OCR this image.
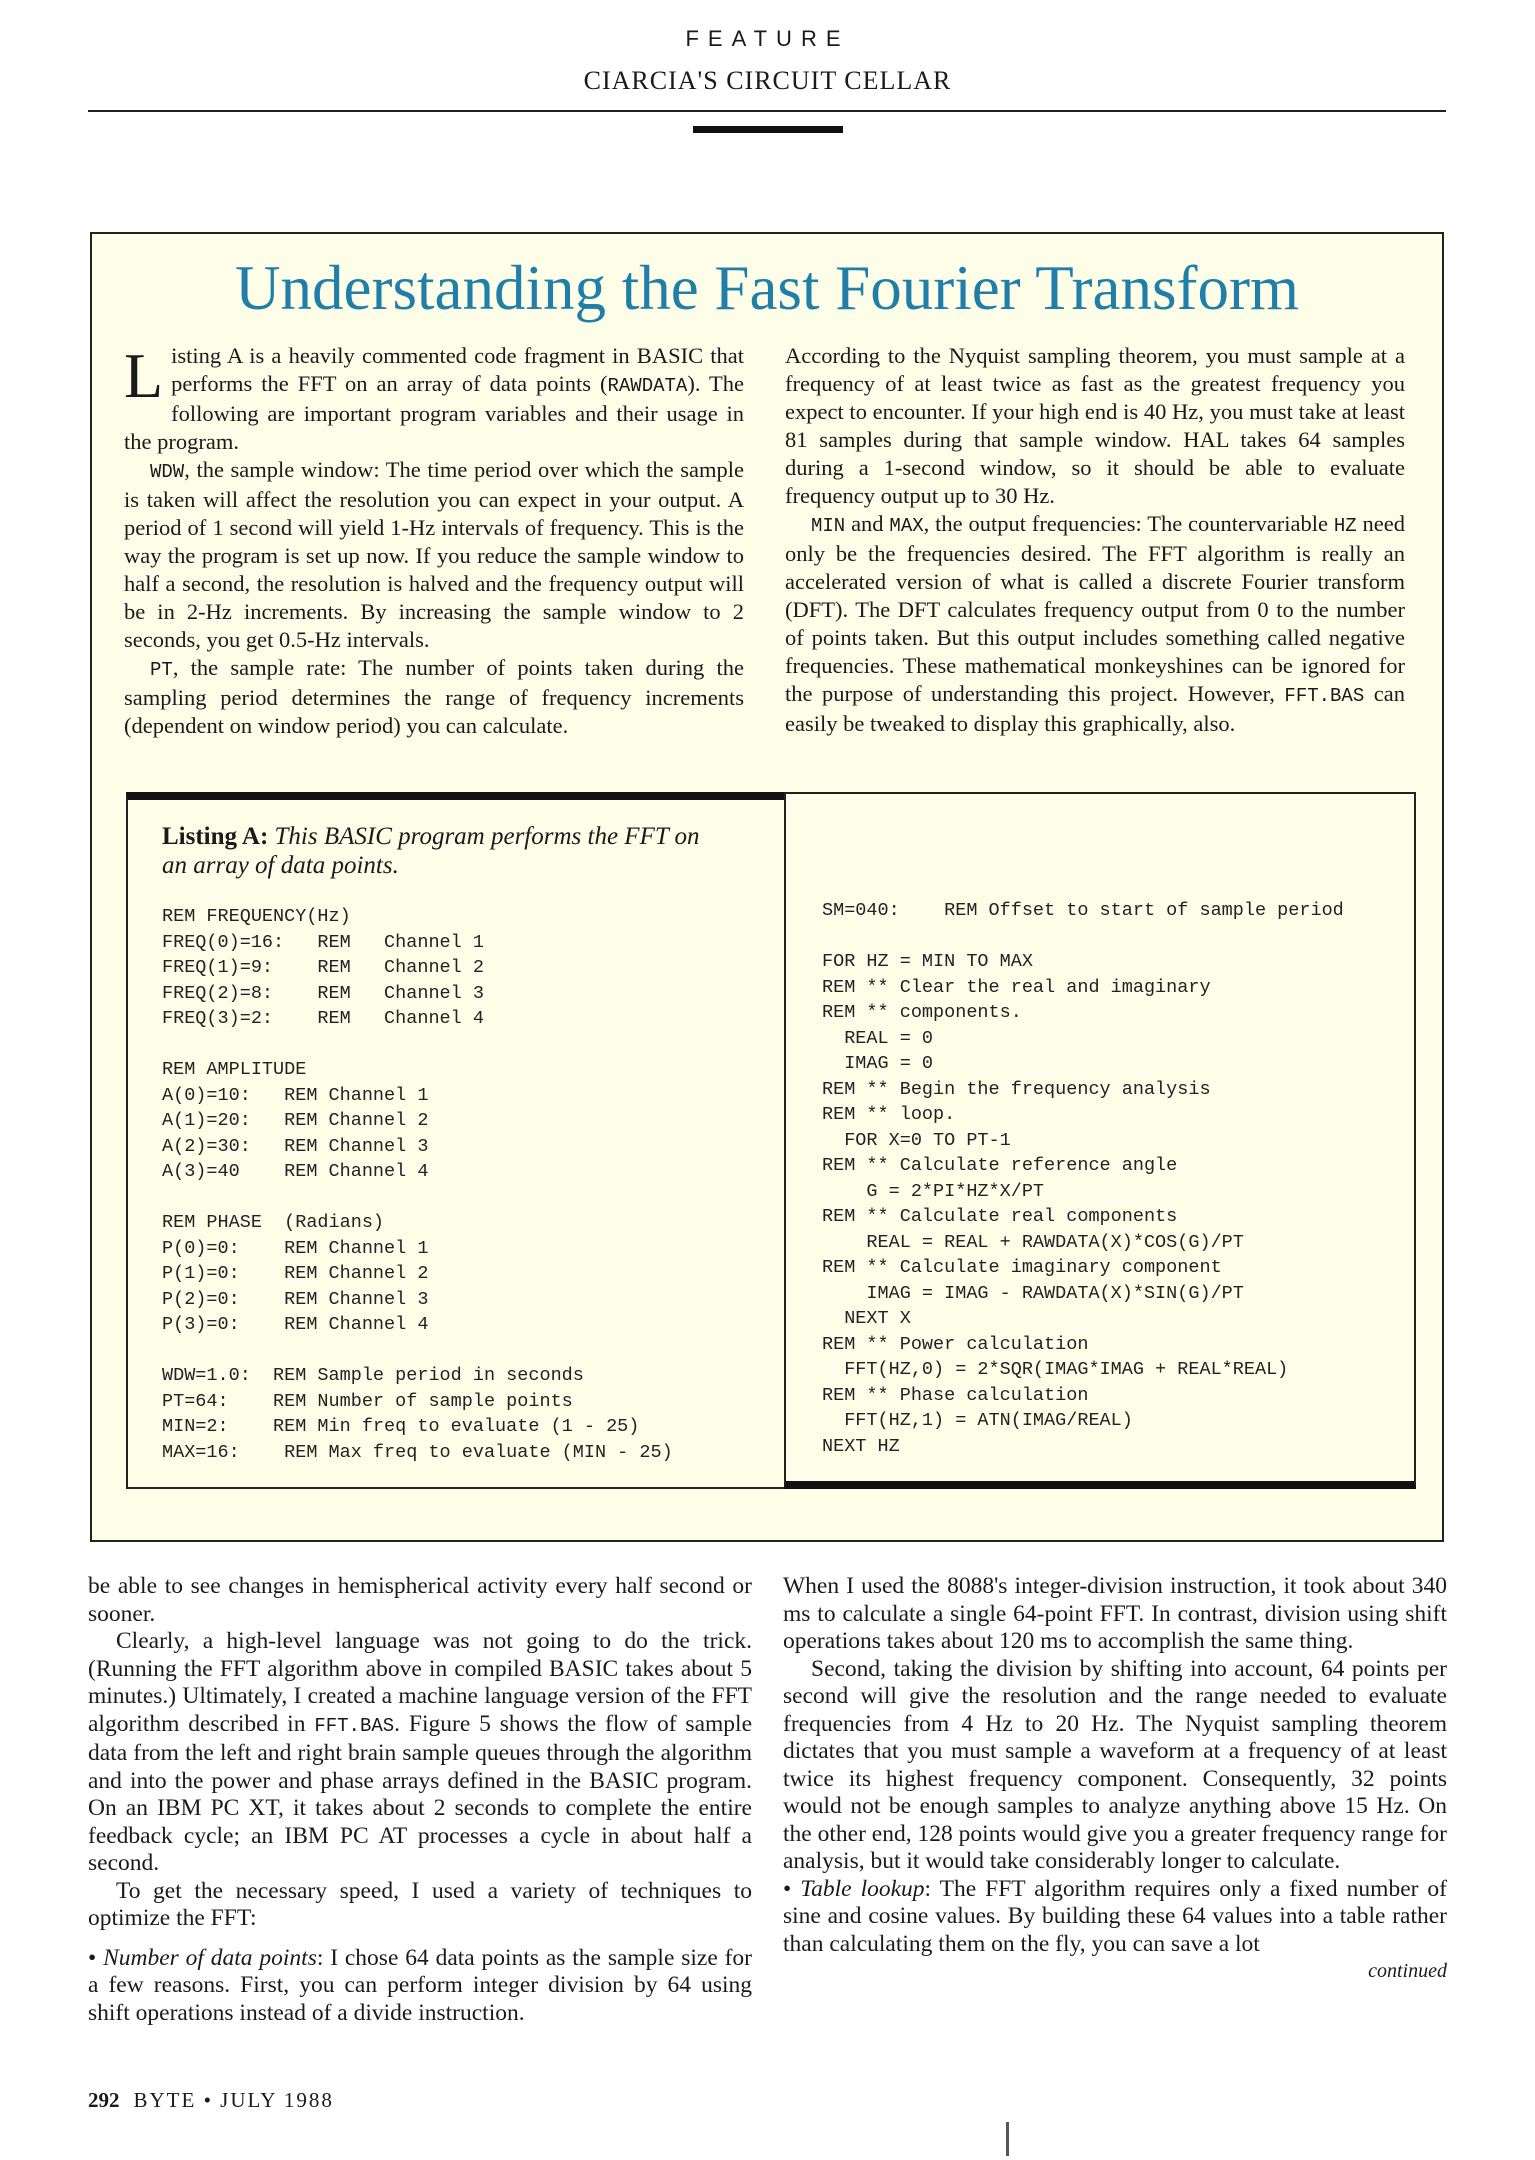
FEATURE
CIARCIA'S CIRCUIT CELLAR
Understanding the Fast Fourier Transform

Listing A is a heavily commented code fragment in BASIC that performs the FFT on an array of data points (RAWDATA). The following are important program variables and their usage in the program.

WDW, the sample window: The time period over which the sample is taken will affect the resolution you can expect in your output. A period of 1 second will yield 1-Hz intervals of frequency. This is the way the program is set up now. If you reduce the sample window to half a second, the resolution is halved and the frequency output will be in 2-Hz increments. By increasing the sample window to 2 seconds, you get 0.5-Hz intervals.

PT, the sample rate: The number of points taken during the sampling period determines the range of frequency increments (dependent on window period) you can calculate.

According to the Nyquist sampling theorem, you must sample at a frequency of at least twice as fast as the greatest frequency you expect to encounter. If your high end is 40 Hz, you must take at least 81 samples during that sample window. HAL takes 64 samples during a 1-second window, so it should be able to evaluate frequency output up to 30 Hz.

MIN and MAX, the output frequencies: The countervariable HZ need only be the frequencies desired. The FFT algorithm is really an accelerated version of what is called a discrete Fourier transform (DFT). The DFT calculates frequency output from 0 to the number of points taken. But this output includes something called negative frequencies. These mathematical monkeyshines can be ignored for the purpose of understanding this project. However, FFT.BAS can easily be tweaked to display this graphically, also.

Listing A: This BASIC program performs the FFT on an array of data points.
REM FREQUENCY(Hz)
FREQ(0)=16:   REM   Channel 1
FREQ(1)=9:    REM   Channel 2
FREQ(2)=8:    REM   Channel 3
FREQ(3)=2:    REM   Channel 4

REM AMPLITUDE
A(0)=10:   REM Channel 1
A(1)=20:   REM Channel 2
A(2)=30:   REM Channel 3
A(3)=40    REM Channel 4

REM PHASE  (Radians)
P(0)=0:    REM Channel 1
P(1)=0:    REM Channel 2
P(2)=0:    REM Channel 3
P(3)=0:    REM Channel 4

WDW=1.0:  REM Sample period in seconds
PT=64:    REM Number of sample points
MIN=2:    REM Min freq to evaluate (1 - 25)
MAX=16:    REM Max freq to evaluate (MIN - 25)
SM=040:    REM Offset to start of sample period

FOR HZ = MIN TO MAX
REM ** Clear the real and imaginary
REM ** components.
REAL = 0
IMAG = 0
REM ** Begin the frequency analysis
REM ** loop.
FOR X=0 TO PT-1
REM ** Calculate reference angle
G = 2*PI*HZ*X/PT
REM ** Calculate real components
REAL = REAL + RAWDATA(X)*COS(G)/PT
REM ** Calculate imaginary component
IMAG = IMAG - RAWDATA(X)*SIN(G)/PT
NEXT X
REM ** Power calculation
FFT(HZ,0) = 2*SQR(IMAG*IMAG + REAL*REAL)
REM ** Phase calculation
FFT(HZ,1) = ATN(IMAG/REAL)
NEXT HZ

be able to see changes in hemispherical activity every half second or sooner.

Clearly, a high-level language was not going to do the trick. (Running the FFT algorithm above in compiled BASIC takes about 5 minutes.) Ultimately, I created a machine language version of the FFT algorithm described in FFT.BAS. Figure 5 shows the flow of sample data from the left and right brain sample queues through the algorithm and into the power and phase arrays defined in the BASIC program. On an IBM PC XT, it takes about 2 seconds to complete the entire feedback cycle; an IBM PC AT processes a cycle in about half a second.

To get the necessary speed, I used a variety of techniques to optimize the FFT:

• Number of data points: I chose 64 data points as the sample size for a few reasons. First, you can perform integer division by 64 using shift operations instead of a divide instruction.

When I used the 8088's integer-division instruction, it took about 340 ms to calculate a single 64-point FFT. In contrast, division using shift operations takes about 120 ms to accomplish the same thing.

Second, taking the division by shifting into account, 64 points per second will give the resolution and the range needed to evaluate frequencies from 4 Hz to 20 Hz. The Nyquist sampling theorem dictates that you must sample a waveform at a frequency of at least twice its highest frequency component. Consequently, 32 points would not be enough samples to analyze anything above 15 Hz. On the other end, 128 points would give you a greater frequency range for analysis, but it would take considerably longer to calculate.

• Table lookup: The FFT algorithm requires only a fixed number of sine and cosine values. By building these 64 values into a table rather than calculating them on the fly, you can save a lot

continued
292 BYTE • JULY 1988
